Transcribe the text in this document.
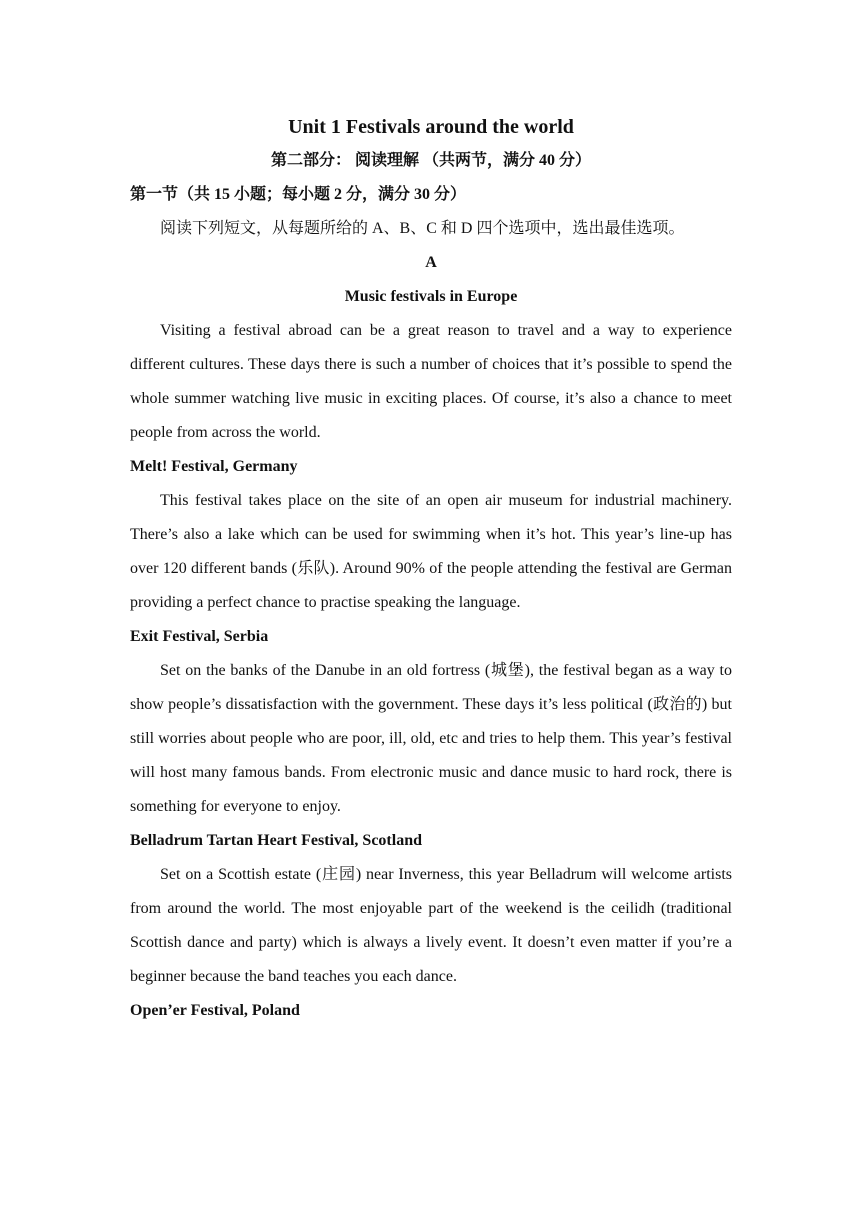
Unit 1 Festivals around the world

第二部分： 阅读理解 （共两节，满分 40 分）

第一节（共 15 小题；每小题 2 分，满分 30 分）

阅读下列短文，从每题所给的 A、B、C 和 D 四个选项中，选出最佳选项。

A

Music festivals in Europe

Visiting a festival abroad can be a great reason to travel and a way to experience different cultures. These days there is such a number of choices that it’s possible to spend the whole summer watching live music in exciting places. Of course, it’s also a chance to meet people from across the world.

Melt! Festival, Germany

This festival takes place on the site of an open air museum for industrial machinery. There’s also a lake which can be used for swimming when it’s hot. This year’s line-up has over 120 different bands (乐队). Around 90% of the people attending the festival are German providing a perfect chance to practise speaking the language.

Exit Festival, Serbia

Set on the banks of the Danube in an old fortress (城堡), the festival began as a way to show people’s dissatisfaction with the government. These days it’s less political (政治的) but still worries about people who are poor, ill, old, etc and tries to help them. This year’s festival will host many famous bands. From electronic music and dance music to hard rock, there is something for everyone to enjoy.

Belladrum Tartan Heart Festival, Scotland

Set on a Scottish estate (庄园) near Inverness, this year Belladrum will welcome artists from around the world. The most enjoyable part of the weekend is the ceilidh (traditional Scottish dance and party) which is always a lively event. It doesn’t even matter if you’re a beginner because the band teaches you each dance.

Open’er Festival, Poland
